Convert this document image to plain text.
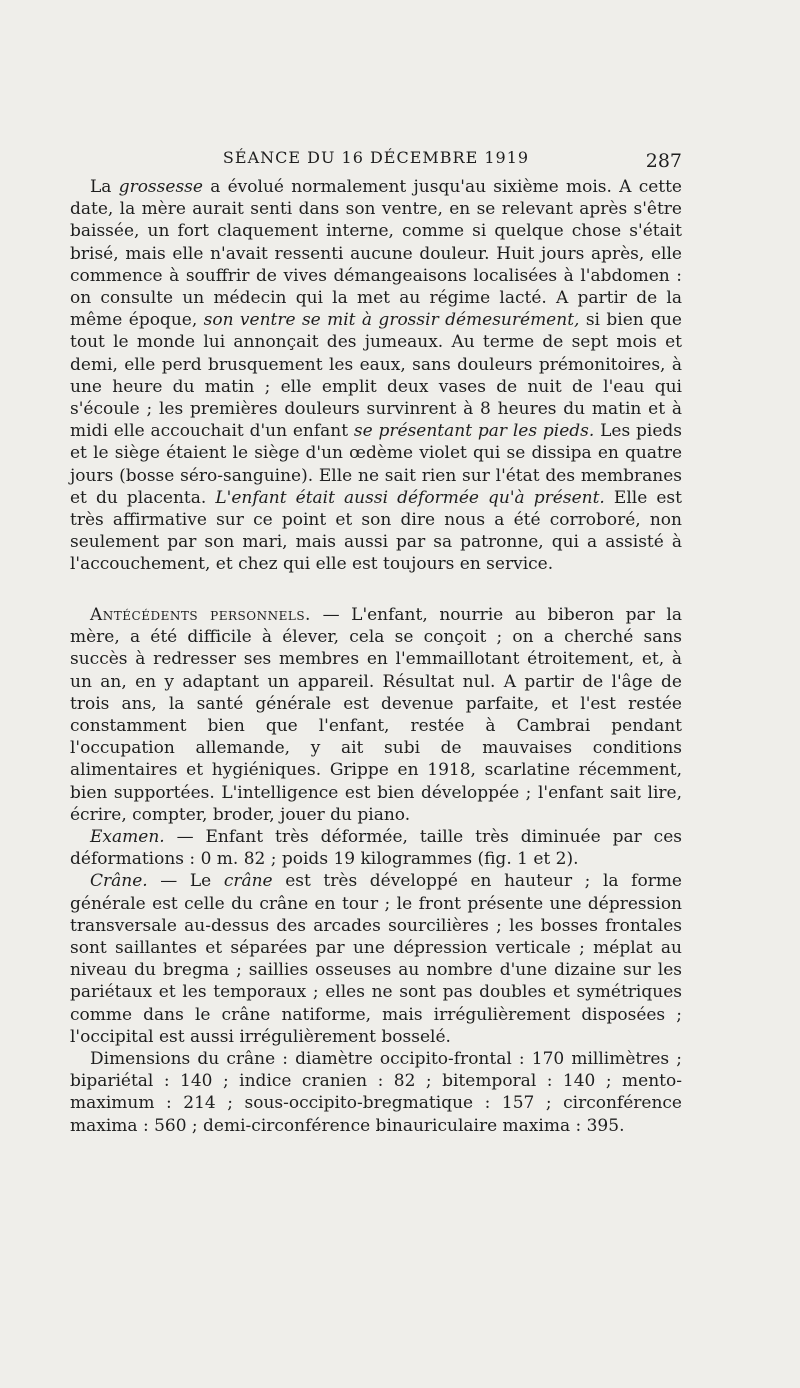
SÉANCE DU 16 DÉCEMBRE 1919	287

La grossesse a évolué normalement jusqu'au sixième mois. A cette date, la mère aurait senti dans son ventre, en se relevant après s'être baissée, un fort claquement interne, comme si quelque chose s'était brisé, mais elle n'avait ressenti aucune douleur. Huit jours après, elle commence à souffrir de vives démangeaisons localisées à l'abdomen : on consulte un médecin qui la met au régime lacté. A partir de la même époque, son ventre se mit à grossir démesurément, si bien que tout le monde lui annonçait des jumeaux. Au terme de sept mois et demi, elle perd brusquement les eaux, sans douleurs prémonitoires, à une heure du matin ; elle emplit deux vases de nuit de l'eau qui s'écoule ; les premières douleurs survinrent à 8 heures du matin et à midi elle accouchait d'un enfant se présentant par les pieds. Les pieds et le siège étaient le siège d'un œdème violet qui se dissipa en quatre jours (bosse séro-sanguine). Elle ne sait rien sur l'état des membranes et du placenta. L'enfant était aussi déformée qu'à présent. Elle est très affirmative sur ce point et son dire nous a été corroboré, non seulement par son mari, mais aussi par sa patronne, qui a assisté à l'accouchement, et chez qui elle est toujours en service.

Antécédents personnels. — L'enfant, nourrie au biberon par la mère, a été difficile à élever, cela se conçoit ; on a cherché sans succès à redresser ses membres en l'emmaillotant étroitement, et, à un an, en y adaptant un appareil. Résultat nul. A partir de l'âge de trois ans, la santé générale est devenue parfaite, et l'est restée constamment bien que l'enfant, restée à Cambrai pendant l'occupation allemande, y ait subi de mauvaises conditions alimentaires et hygiéniques. Grippe en 1918, scarlatine récemment, bien supportées. L'intelligence est bien développée ; l'enfant sait lire, écrire, compter, broder, jouer du piano.

Examen. — Enfant très déformée, taille très diminuée par ces déformations : 0 m. 82 ; poids 19 kilogrammes (fig. 1 et 2).

Crâne. — Le crâne est très développé en hauteur ; la forme générale est celle du crâne en tour ; le front présente une dépression transversale au-dessus des arcades sourcilières ; les bosses frontales sont saillantes et séparées par une dépression verticale ; méplat au niveau du bregma ; saillies osseuses au nombre d'une dizaine sur les pariétaux et les temporaux ; elles ne sont pas doubles et symétriques comme dans le crâne natiforme, mais irrégulièrement disposées ; l'occipital est aussi irrégulièrement bosselé.

Dimensions du crâne : diamètre occipito-frontal : 170 millimètres ; bipariétal : 140 ; indice cranien : 82 ; bitemporal : 140 ; mento-maximum : 214 ; sous-occipito-bregmatique : 157 ; circonférence maxima : 560 ; demi-circonférence binauriculaire maxima : 395.
